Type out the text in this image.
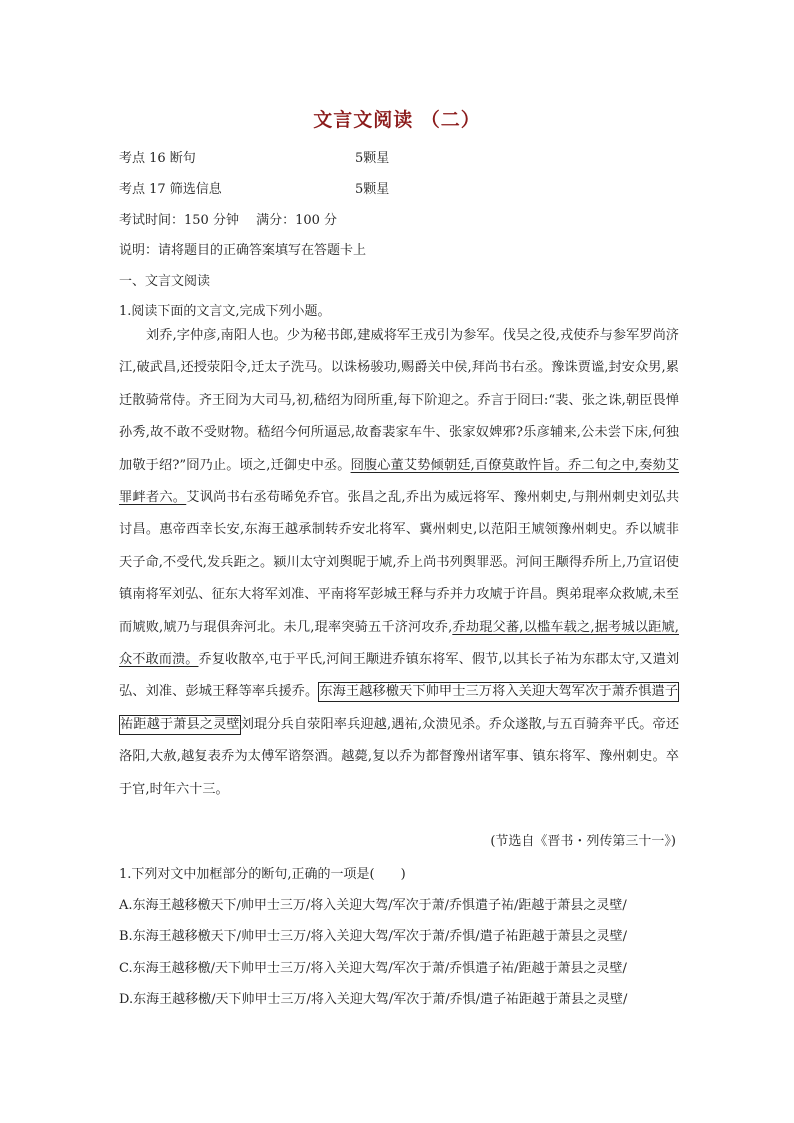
文言文阅读 （二）
考点 16 断句	5颗星
考点 17 筛选信息	5颗星
考试时间：150 分钟　 满分：100 分
说明：请将题目的正确答案填写在答题卡上
一、文言文阅读
1.阅读下面的文言文,完成下列小题。
刘乔,字仲彦,南阳人也。少为秘书郎,建威将军王戎引为参军。伐吴之役,戎使乔与参军罗尚济江,破武昌,还授荥阳令,迁太子洗马。以诛杨骏功,赐爵关中侯,拜尚书右丞。豫诛贾谧,封安众男,累迁散骑常侍。齐王冏为大司马,初,嵇绍为冏所重,每下阶迎之。乔言于冏曰:“裴、张之诛,朝臣畏惮孙秀,故不敢不受财物。嵇绍今何所逼忌,故畜裴家车牛、张家奴婢邪?乐彦辅来,公未尝下床,何独加敬于绍?”冏乃止。顷之,迁御史中丞。冏腹心董艾势倾朝廷,百僚莫敢忤旨。乔二旬之中,奏劾艾罪衅者六。艾讽尚书右丞苟晞免乔官。张昌之乱,乔出为威远将军、豫州刺史,与荆州刺史刘弘共讨昌。惠帝西幸长安,东海王越承制转乔安北将军、冀州刺史,以范阳王虓领豫州刺史。乔以虓非天子命,不受代,发兵距之。颍川太守刘舆昵于虓,乔上尚书列舆罪恶。河间王颙得乔所上,乃宣诏使镇南将军刘弘、征东大将军刘准、平南将军彭城王释与乔并力攻虓于许昌。舆弟琨率众救虓,未至而虓败,虓乃与琨俱奔河北。未几,琨率突骑五千济河攻乔,乔劫琨父蕃,以槛车载之,据考城以距虓,众不敢而溃。乔复收散卒,屯于平氏,河间王颙进乔镇东将军、假节,以其长子祐为东郡太守,又遣刘弘、刘准、彭城王释等率兵援乔。东海王越移檄天下帅甲士三万将入关迎大驾军次于萧乔惧遣子祐距越于萧县之灵壁刘琨分兵自荥阳率兵迎越,遇祐,众溃见杀。乔众遂散,与五百骑奔平氏。帝还洛阳,大赦,越复表乔为太傅军谘祭酒。越薨,复以乔为都督豫州诸军事、镇东将军、豫州刺史。卒于官,时年六十三。
(节选自《晋书・列传第三十一》)
1.下列对文中加框部分的断句,正确的一项是(　　)
A.东海王越移檄天下/帅甲士三万/将入关迎大驾/军次于萧/乔惧遣子祐/距越于萧县之灵壁/
B.东海王越移檄天下/帅甲士三万/将入关迎大驾/军次于萧/乔惧/遣子祐距越于萧县之灵壁/
C.东海王越移檄/天下帅甲士三万/将入关迎大驾/军次于萧/乔惧遣子祐/距越于萧县之灵壁/
D.东海王越移檄/天下帅甲士三万/将入关迎大驾/军次于萧/乔惧/遣子祐距越于萧县之灵壁/
